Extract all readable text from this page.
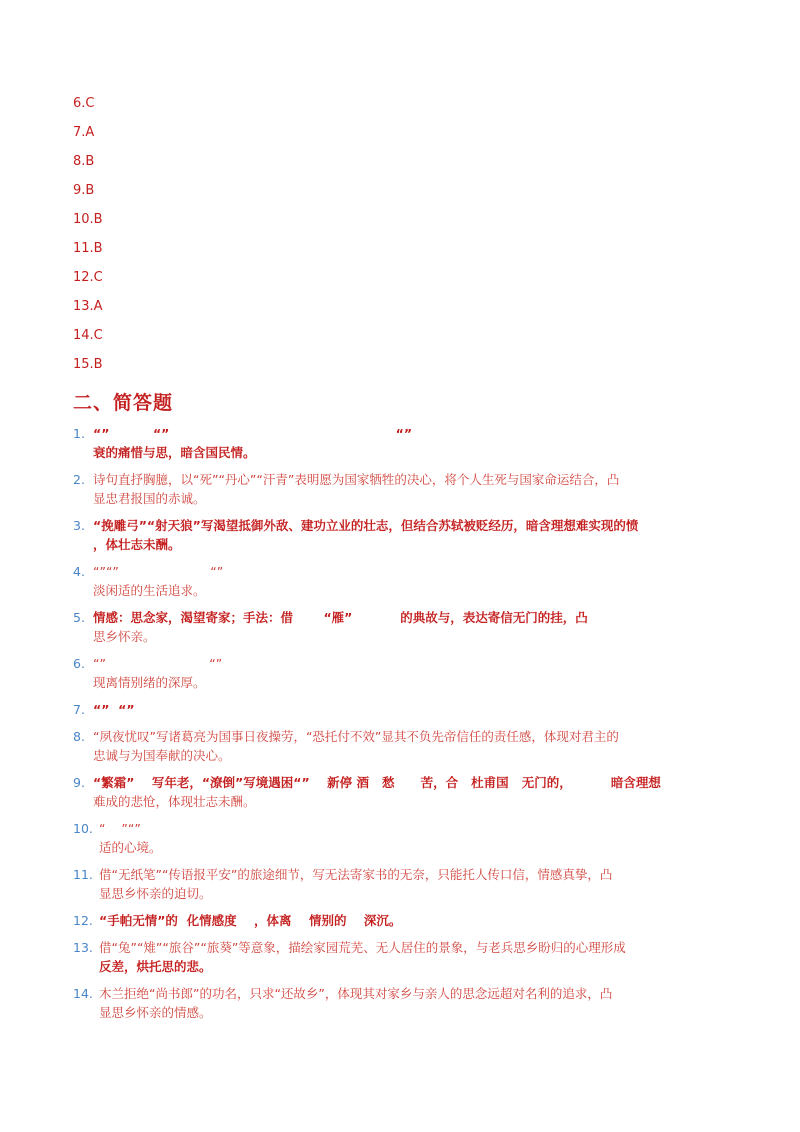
6.C
7.A
8.B
9.B
10.B
11.B
12.C
13.A
14.C
15.B
二、简答题
1. “”          “”                                                    “”
衰的痛惜与思，暗含国民情。
2. 诗句直抒胸臆，以“死”“丹心”“汗青”表明愿为国家牺牲的决心，将个人生死与国家命运结合，凸
显忠君报国的赤诚。
3. “挽雕弓”“射天狼”写渴望抵御外敌、建功立业的壮志，但结合苏轼被贬经历，暗含理想难实现的愤
，体壮志未酬。
4. “”“”                       “”
淡闲适的生活追求。
5. 情感：思念家，渴望寄家；手法：借       “雁”           的典故与，表达寄信无门的挂，凸
思乡怀亲。
6. “”                          “”
现离情别绪的深厚。
7. “”  “”
8. “夙夜忧叹”写诸葛亮为国事日夜操劳，“恐托付不效”显其不负先帝信任的责任感，体现对君主的
忠诚与为国奉献的决心。
9. “繁霜”    写年老，“潦倒”写境遇困“”    新停 酒   愁      苦，合   杜甫国   无门的，         暗含理想
难成的悲怆，体现壮志未酬。
10. “    ”“”
适的心境。
11. 借“无纸笔”“传语报平安”的旅途细节，写无法寄家书的无奈，只能托人传口信，情感真挚，凸
显思乡怀亲的迫切。
12. “手帕无情”的  化情感度    ，体离    情别的    深沉。
13. 借“兔”“雉”“旅谷”“旅葵”等意象，描绘家园荒芜、无人居住的景象，与老兵思乡盼归的心理形成
反差，烘托思的悲。
14. 木兰拒绝“尚书郎”的功名，只求“还故乡”，体现其对家乡与亲人的思念远超对名利的追求，凸
显思乡怀亲的情感。
